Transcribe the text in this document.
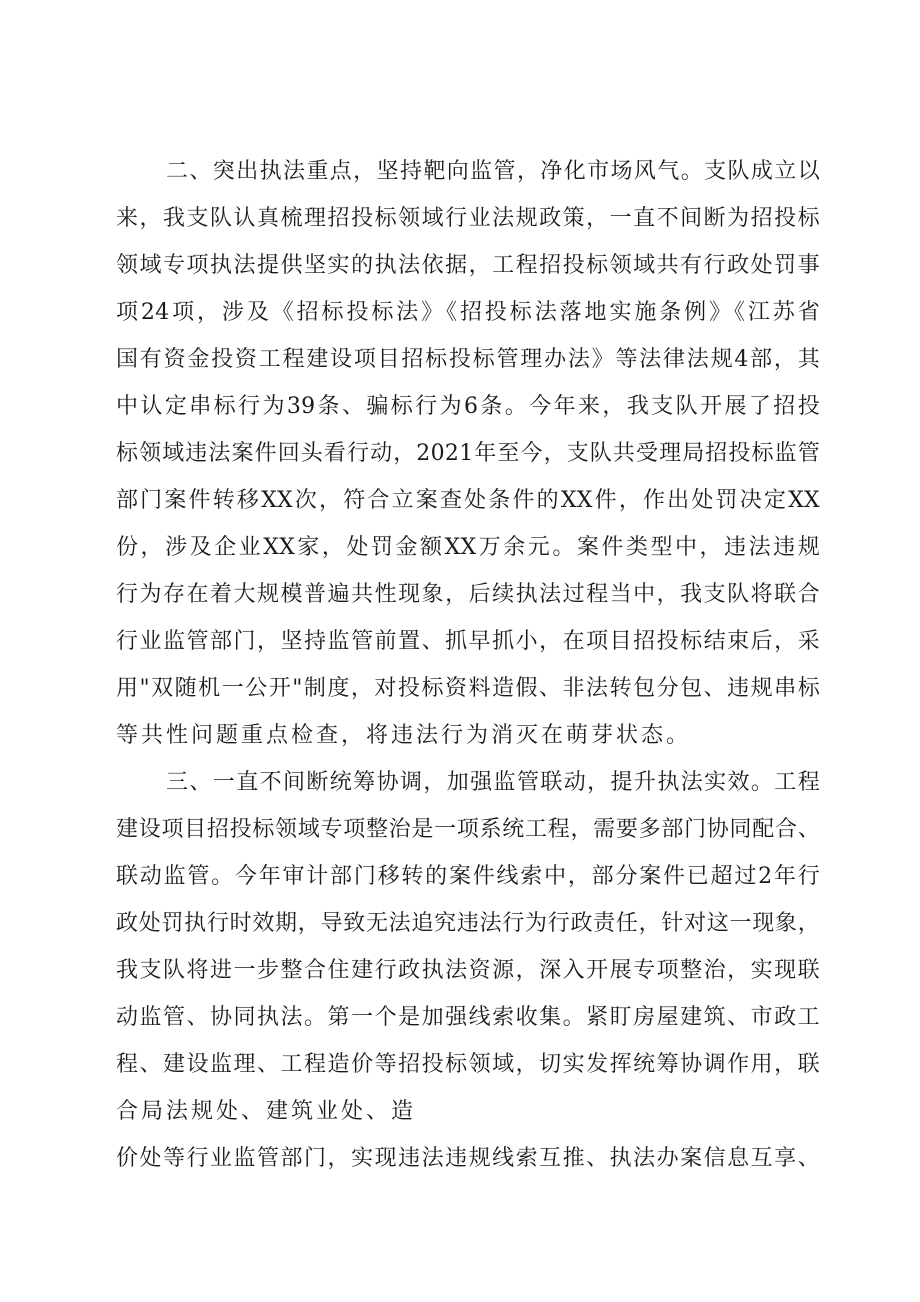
二、突出执法重点，坚持靶向监管，净化市场风气。支队成立以
来，我支队认真梳理招投标领域行业法规政策，一直不间断为招投标
领域专项执法提供坚实的执法依据，工程招投标领域共有行政处罚事
项24项，涉及《招标投标法》《招投标法落地实施条例》《江苏省
国有资金投资工程建设项目招标投标管理办法》等法律法规4部，其
中认定串标行为39条、骗标行为6条。今年来，我支队开展了招投
标领域违法案件回头看行动，2021年至今，支队共受理局招投标监管
部门案件转移XX次，符合立案查处条件的XX件，作出处罚决定XX
份，涉及企业XX家，处罚金额XX万余元。案件类型中，违法违规
行为存在着大规模普遍共性现象，后续执法过程当中，我支队将联合
行业监管部门，坚持监管前置、抓早抓小，在项目招投标结束后，采
用"双随机一公开"制度，对投标资料造假、非法转包分包、违规串标
等共性问题重点检查，将违法行为消灭在萌芽状态。
三、一直不间断统筹协调，加强监管联动，提升执法实效。工程
建设项目招投标领域专项整治是一项系统工程，需要多部门协同配合、
联动监管。今年审计部门移转的案件线索中，部分案件已超过2年行
政处罚执行时效期，导致无法追究违法行为行政责任，针对这一现象，
我支队将进一步整合住建行政执法资源，深入开展专项整治，实现联
动监管、协同执法。第一个是加强线索收集。紧盯房屋建筑、市政工
程、建设监理、工程造价等招投标领域，切实发挥统筹协调作用，联
合局法规处、建筑业处、造
价处等行业监管部门，实现违法违规线索互推、执法办案信息互享、
